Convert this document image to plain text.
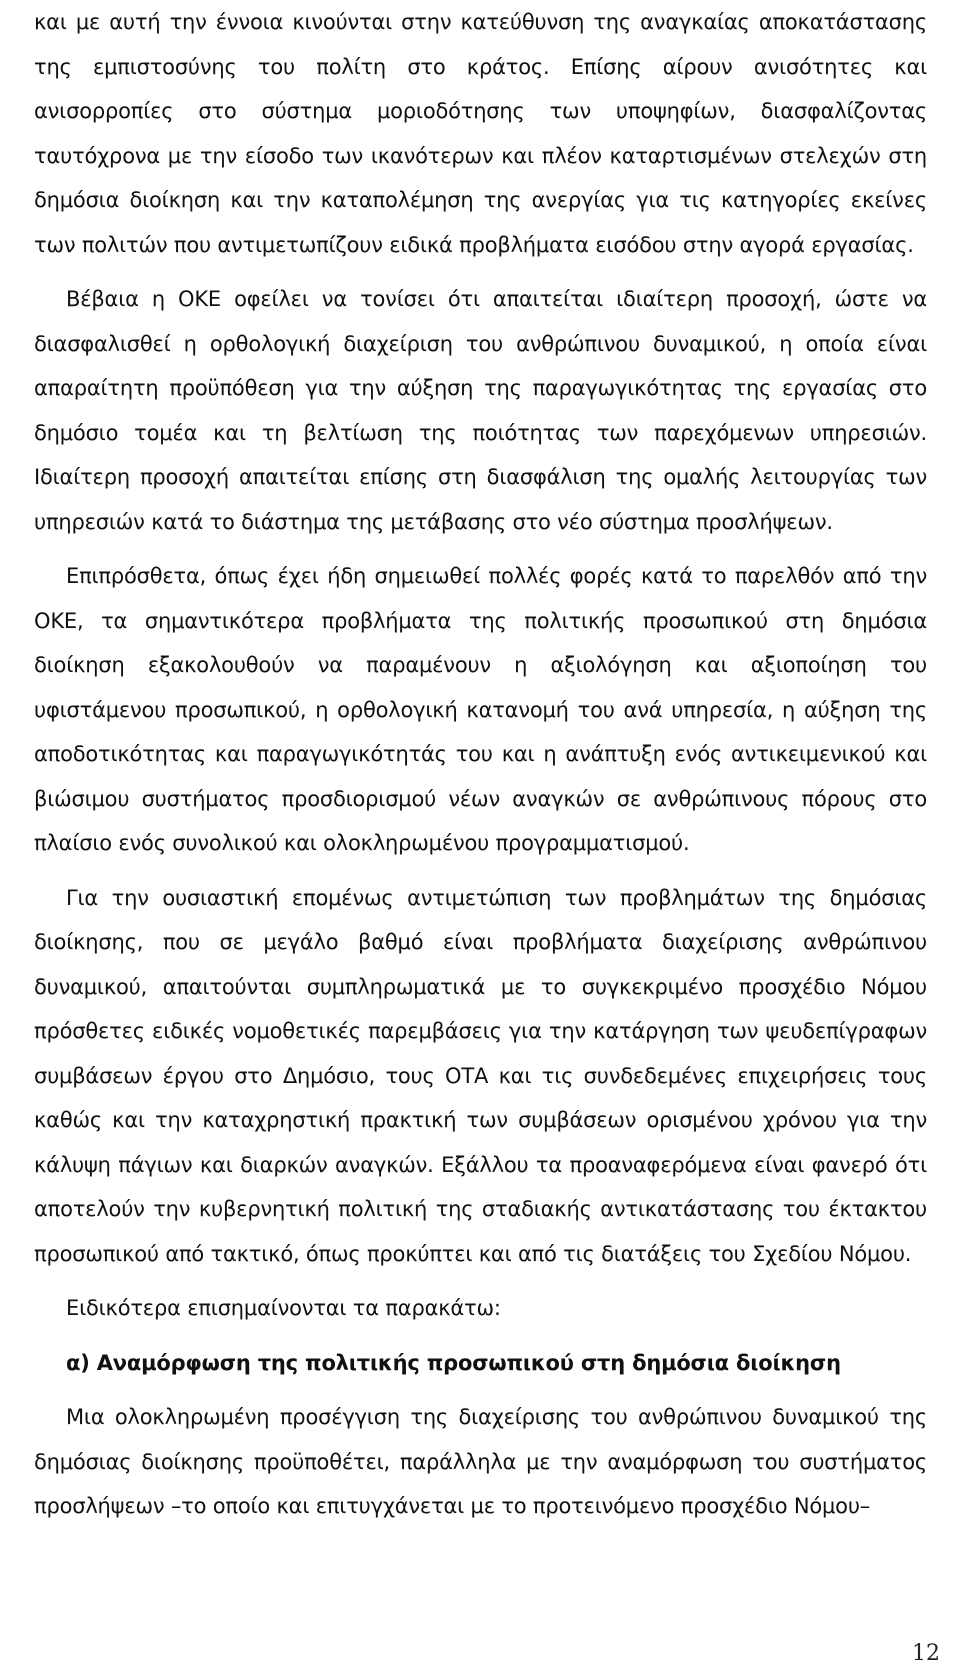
και με αυτή την έννοια κινούνται στην κατεύθυνση της αναγκαίας αποκατάστασης της εμπιστοσύνης του πολίτη στο κράτος. Επίσης αίρουν ανισότητες και ανισορροπίες στο σύστημα μοριοδότησης των υποψηφίων, διασφαλίζοντας ταυτόχρονα με την είσοδο των ικανότερων και πλέον καταρτισμένων στελεχών στη δημόσια διοίκηση και την καταπολέμηση της ανεργίας για τις κατηγορίες εκείνες των πολιτών που αντιμετωπίζουν ειδικά προβλήματα εισόδου στην αγορά εργασίας.

Βέβαια η ΟΚΕ οφείλει να τονίσει ότι απαιτείται ιδιαίτερη προσοχή, ώστε να διασφαλισθεί η ορθολογική διαχείριση του ανθρώπινου δυναμικού, η οποία είναι απαραίτητη προϋπόθεση για την αύξηση της παραγωγικότητας της εργασίας στο δημόσιο τομέα και τη βελτίωση της ποιότητας των παρεχόμενων υπηρεσιών. Ιδιαίτερη προσοχή απαιτείται επίσης στη διασφάλιση της ομαλής λειτουργίας των υπηρεσιών κατά το διάστημα της μετάβασης στο νέο σύστημα προσλήψεων.

Επιπρόσθετα, όπως έχει ήδη σημειωθεί πολλές φορές κατά το παρελθόν από την ΟΚΕ, τα σημαντικότερα προβλήματα της πολιτικής προσωπικού στη δημόσια διοίκηση εξακολουθούν να παραμένουν η αξιολόγηση και αξιοποίηση του υφιστάμενου προσωπικού, η ορθολογική κατανομή του ανά υπηρεσία, η αύξηση της αποδοτικότητας και παραγωγικότητάς του και η ανάπτυξη ενός αντικειμενικού και βιώσιμου συστήματος προσδιορισμού νέων αναγκών σε ανθρώπινους πόρους στο πλαίσιο ενός συνολικού και ολοκληρωμένου προγραμματισμού.

Για την ουσιαστική επομένως αντιμετώπιση των προβλημάτων της δημόσιας διοίκησης, που σε μεγάλο βαθμό είναι προβλήματα διαχείρισης ανθρώπινου δυναμικού, απαιτούνται συμπληρωματικά με το συγκεκριμένο προσχέδιο Νόμου πρόσθετες ειδικές νομοθετικές παρεμβάσεις για την κατάργηση των ψευδεπίγραφων συμβάσεων έργου στο Δημόσιο, τους ΟΤΑ και τις συνδεδεμένες επιχειρήσεις τους καθώς και την καταχρηστική πρακτική των συμβάσεων ορισμένου χρόνου για την κάλυψη πάγιων και διαρκών αναγκών. Εξάλλου τα προαναφερόμενα είναι φανερό ότι αποτελούν την κυβερνητική πολιτική της σταδιακής αντικατάστασης του έκτακτου προσωπικού από τακτικό, όπως προκύπτει και από τις διατάξεις του Σχεδίου Νόμου.

Ειδικότερα επισημαίνονται τα παρακάτω:

α) Αναμόρφωση της πολιτικής προσωπικού στη δημόσια διοίκηση

Μια ολοκληρωμένη προσέγγιση της διαχείρισης του ανθρώπινου δυναμικού της δημόσιας διοίκησης προϋποθέτει, παράλληλα με την αναμόρφωση του συστήματος προσλήψεων –το οποίο και επιτυγχάνεται με το προτεινόμενο προσχέδιο Νόμου–

12
